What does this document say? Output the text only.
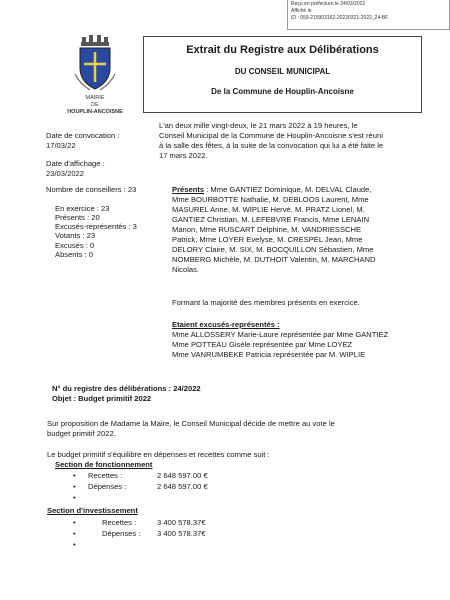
Reçu en préfecture le 24/03/2022
Affiché le
ID : 059-215903162-20220321-2022_24-BF
MAIRIE
DE
HOUPLIN-ANCOISNE
Extrait du Registre aux Délibérations
DU CONSEIL MUNICIPAL
De la Commune de Houplin-Ancoisne
Date de convocation :
17/03/22
Date d'affichage :
23/03/2022
Nombre de conseillers : 23
En exercice : 23
Présents : 20
Excusés-représentés : 3
Votants : 23
Excusés : 0
Absents : 0
L'an deux mille vingt-deux, le 21 mars 2022 à 19 heures, le
Conseil Municipal de la Commune de Houplin-Ancoisne s'est réuni
à la salle des fêtes, à la suite de la convocation qui lui a été faite le
17 mars 2022.
Présents : Mme GANTIEZ Dominique, M. DELVAL Claude,
Mme BOURBOTTE Nathalie, M. DEBLOOS Laurent, Mme
MASUREL Anne, M. WIPLIE Hervé, M. PRATZ Lionel, M.
GANTIEZ Christian, M. LEFEBVRE Francis, Mme LENAIN
Manon, Mme RUSCART Delphine, M. VANDRIESSCHE
Patrick, Mme LOYER Evelyse, M. CRESPEL Jean, Mme
DELORY Claire, M. SIX, M. BOCQUILLON Sébastien, Mme
NOMBERG Michèle, M. DUTHOIT Valentin, M. MARCHAND
Nicolas.
Formant la majorité des membres présents en exercice.
Etaient excusés-représentés :
Mme ALLOSSERY Marie-Laure représentée par Mme GANTIEZ
Mme POTTEAU Gisèle représentée par Mme LOYEZ
Mme VANRUMBEKE Patricia représentée par M. WIPLIE
N° du registre des délibérations : 24/2022
Objet : Budget primitif 2022
Sur proposition de Madame la Maire, le Conseil Municipal décide de mettre au vote le
budget primitif 2022.
Le budget primitif s'équilibre en dépenses et recettes comme suit :
Section de fonctionnement
• Recettes :	2 648 597.00 €
• Dépenses :	2 648 597.00 €
•
Section d'investissement
•	Recettes :	3 400 578.37€
•	Dépenses : 3 400 578.37€
•
